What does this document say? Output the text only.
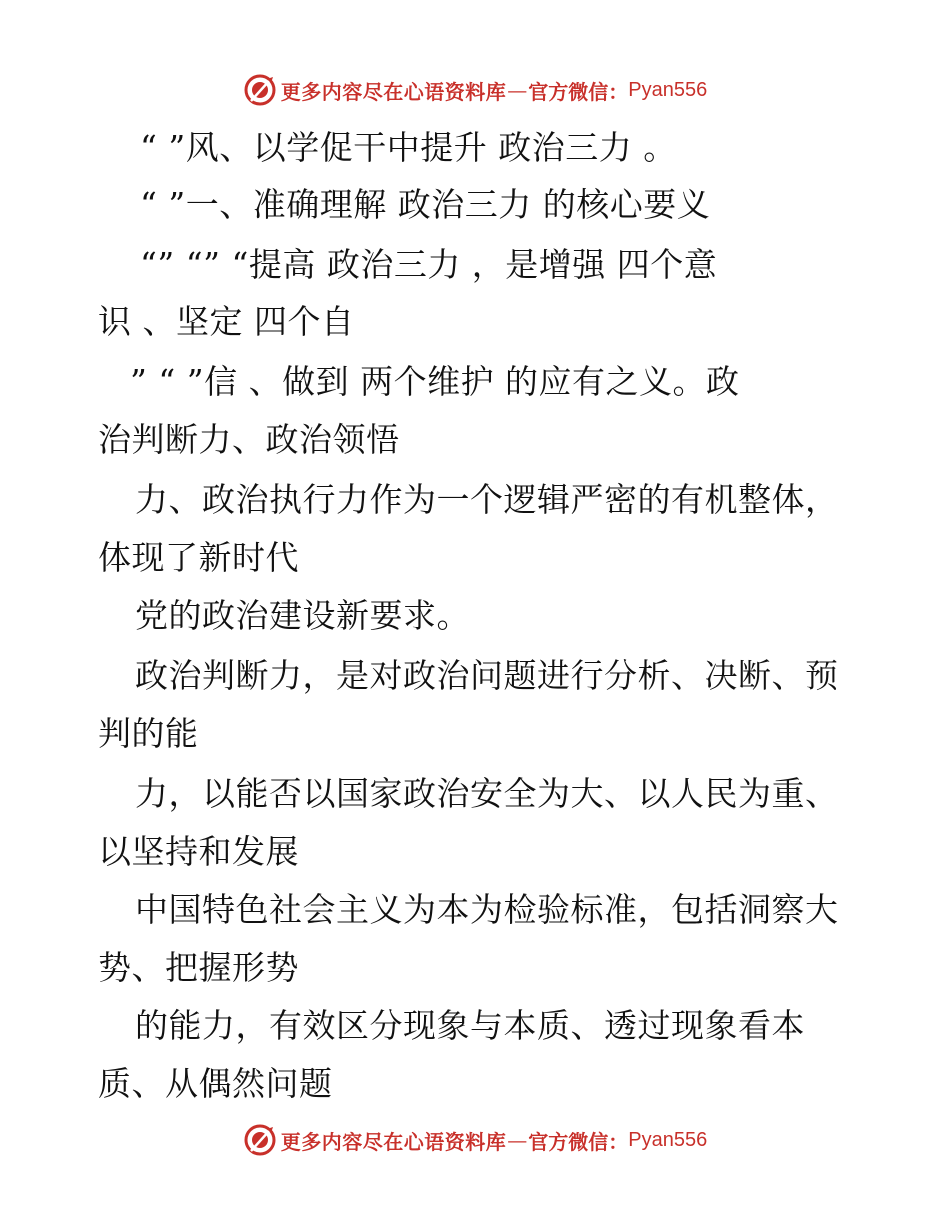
更多内容尽在心语资料库 — 官方微信： Pyan556
“ ”风、以学促干中提升 政治三力 。
“ ”一、准确理解 政治三力 的核心要义
“” “” “提高 政治三力 ，是增强 四个意
识 、坚定 四个自
” “ ”信 、做到 两个维护 的应有之义。政
治判断力、政治领悟
力、政治执行力作为一个逻辑严密的有机整体，
体现了新时代
党的政治建设新要求。
政治判断力，是对政治问题进行分析、决断、预
判的能
力，以能否以国家政治安全为大、以人民为重、
以坚持和发展
中国特色社会主义为本为检验标准，包括洞察大
势、把握形势
的能力，有效区分现象与本质、透过现象看本
质、从偶然问题
更多内容尽在心语资料库 — 官方微信： Pyan556
